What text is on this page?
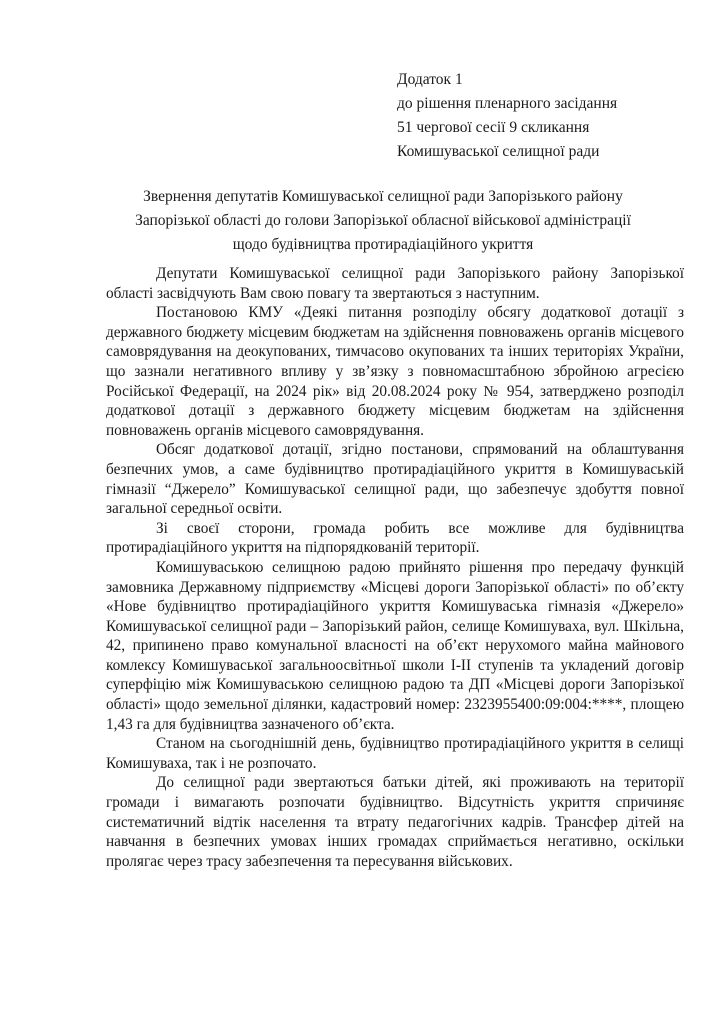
Додаток 1
до рішення пленарного засідання
51 чергової сесії 9 скликання
Комишуваської селищної ради
Звернення депутатів Комишуваської селищної ради Запорізького району
Запорізької області до голови Запорізької обласної військової адміністрації
щодо будівництва протирадіаційного укриття

Депутати Комишуваської селищної ради Запорізького району Запорізької області засвідчують Вам свою повагу та звертаються з наступним.

Постановою КМУ «Деякі питання розподілу обсягу додаткової дотації з державного бюджету місцевим бюджетам на здійснення повноважень органів місцевого самоврядування на деокупованих, тимчасово окупованих та інших територіях України, що зазнали негативного впливу у зв’язку з повномасштабною збройною агресією Російської Федерації, на 2024 рік» від 20.08.2024 року № 954, затверджено розподіл додаткової дотації з державного бюджету місцевим бюджетам на здійснення повноважень органів місцевого самоврядування.

Обсяг додаткової дотації, згідно постанови, спрямований на облаштування безпечних умов, а саме будівництво протирадіаційного укриття в Комишуваській гімназії “Джерело” Комишуваської селищної ради, що забезпечує здобуття повної загальної середньої освіти.

Зі своєї сторони, громада робить все можливе для будівництва протирадіаційного укриття на підпорядкованій території.

Комишуваською селищною радою прийнято рішення про передачу функцій замовника Державному підприємству «Місцеві дороги Запорізької області» по об’єкту «Нове будівництво протирадіаційного укриття Комишуваська гімназія «Джерело» Комишуваської селищної ради – Запорізький район, селище Комишуваха, вул. Шкільна, 42, припинено право комунальної власності на об’єкт нерухомого майна майнового комлексу Комишуваської загальноосвітньої школи І-ІІ ступенів та укладений договір суперфіцію між Комишуваською селищною радою та ДП «Місцеві дороги Запорізької області» щодо земельної ділянки, кадастровий номер: 2323955400:09:004:****, площею 1,43 га для будівництва зазначеного об’єкта.

Станом на сьогоднішній день, будівництво протирадіаційного укриття в селищі Комишуваха, так і не розпочато.

До селищної ради звертаються батьки дітей, які проживають на території громади і вимагають розпочати будівництво. Відсутність укриття спричиняє систематичний відтік населення та втрату педагогічних кадрів. Трансфер дітей на навчання в безпечних умовах інших громадах сприймається негативно, оскільки пролягає через трасу забезпечення та пересування військових.
